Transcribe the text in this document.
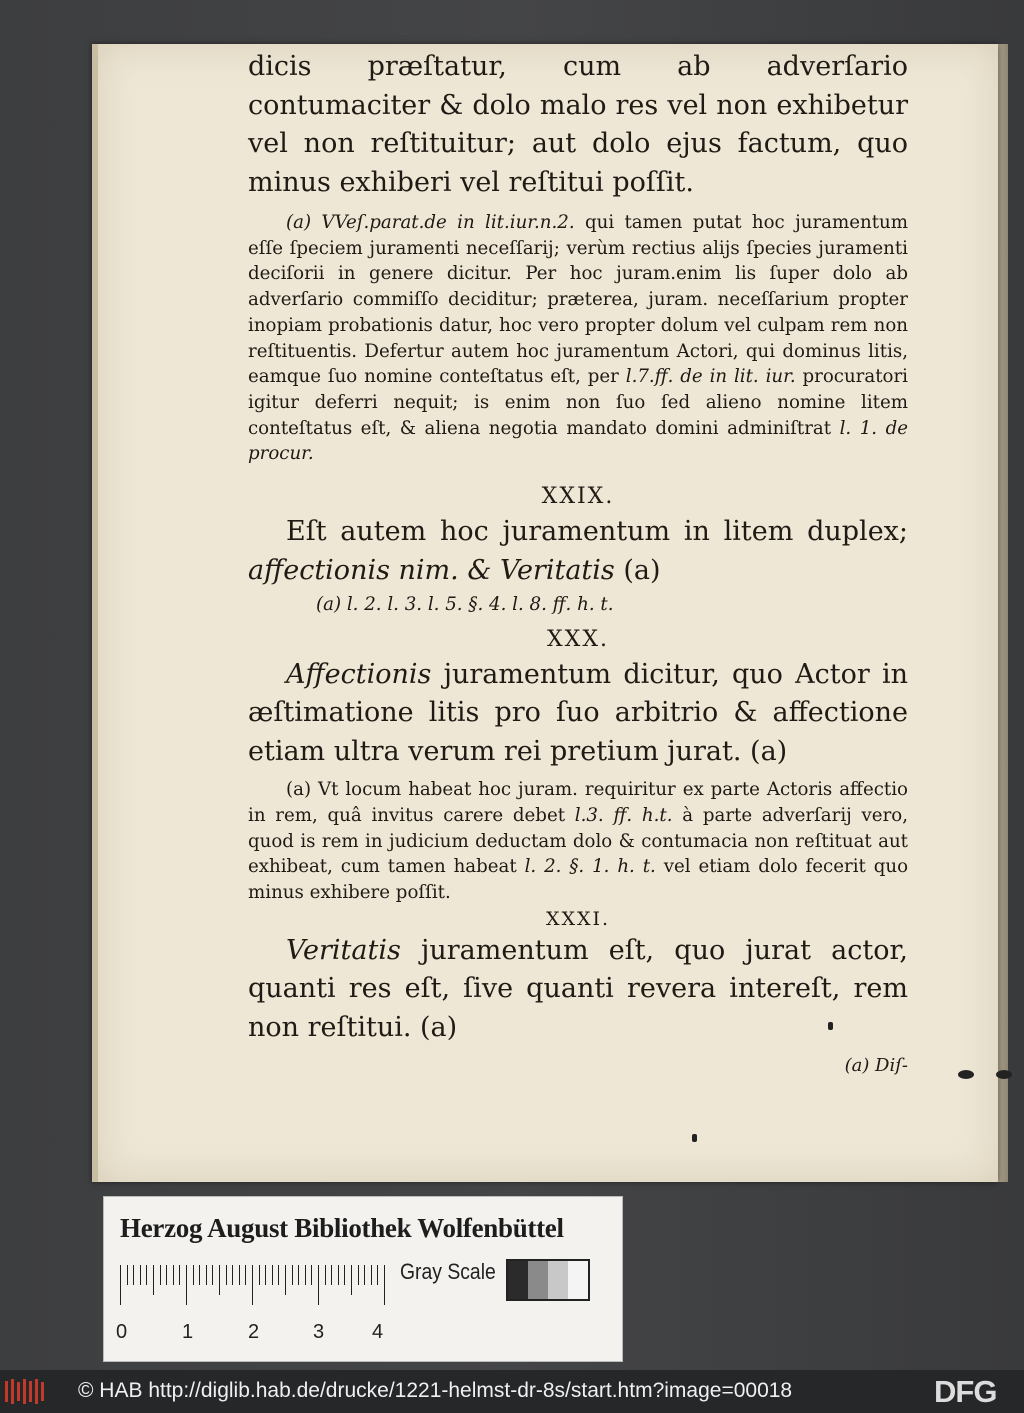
dicis præſtatur, cum ab adverſario contumaciter & dolo malo res vel non exhibetur vel non reſtituitur; aut dolo ejus factum, quo minus exhiberi vel reſtitui poſſit.
(a) VVeſ.parat.de in lit.iur.n.2. qui tamen putat hoc juramentum eſſe ſpeciem juramenti neceſſarij; verùm rectius alijs ſpecies juramenti deciſorii in genere dicitur. Per hoc juram.enim lis ſuper dolo ab adverſario commiſſo deciditur; præterea, juram. neceſſarium propter inopiam probationis datur, hoc vero propter dolum vel culpam rem non reſtituentis. Defertur autem hoc juramentum Actori, qui dominus litis, eamque ſuo nomine conteſtatus eſt, per l.7.ff. de in lit. iur. procuratori igitur deferri nequit; is enim non ſuo ſed alieno nomine litem conteſtatus eſt, & aliena negotia mandato domini adminiſtrat l. 1. de procur.
XXIX.
Eſt autem hoc juramentum in litem duplex; affectionis nim. & Veritatis (a)
(a) l. 2. l. 3. l. 5. §. 4. l. 8. ff. h. t.
XXX.
Affectionis juramentum dicitur, quo Actor in æſtimatione litis pro ſuo arbitrio & affectione etiam ultra verum rei pretium jurat. (a)
(a) Vt locum habeat hoc juram. requiritur ex parte Actoris affectio in rem, quâ invitus carere debet l.3. ff. h.t. à parte adverſarij vero, quod is rem in judicium deductam dolo & contumacia non reſtituat aut exhibeat, cum tamen habeat l. 2. §. 1. h. t. vel etiam dolo fecerit quo minus exhibere poſſit.
XXXI.
Veritatis juramentum eſt, quo jurat actor, quanti res eſt, ſive quanti revera intereſt, rem non reſtitui. (a)
(a) Diſ-
Herzog August Bibliothek Wolfenbüttel
0	1	2	3 4
Gray Scale
© HAB http://diglib.hab.de/drucke/1221-helmst-dr-8s/start.htm?image=00018	DFG
